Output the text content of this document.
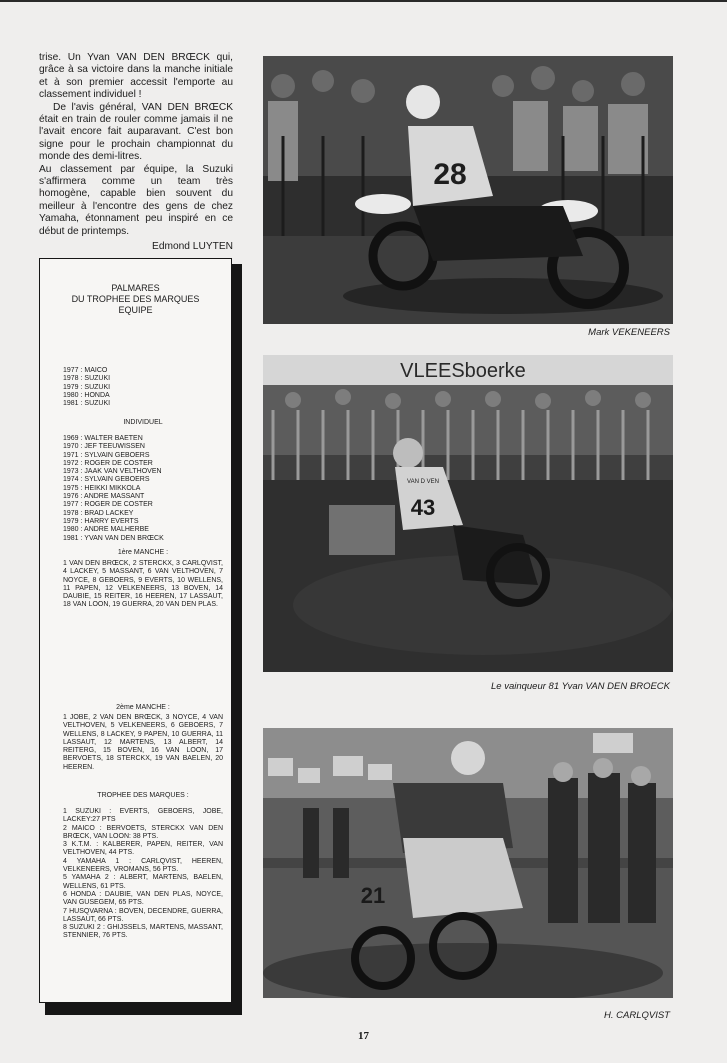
trise. Un Yvan VAN DEN BRŒCK qui, grâce à sa victoire dans la manche initiale et à son premier accessit l'emporte au classement individuel !

De l'avis général, VAN DEN BRŒCK était en train de rouler comme jamais il ne l'avait encore fait auparavant. C'est bon signe pour le prochain championnat du monde des demi-litres.

Au classement par équipe, la Suzuki s'affirmera comme un team très homogène, capable bien souvent du meilleur à l'encontre des gens de chez Yamaha, étonnament peu inspiré en ce début de printemps.

Edmond LUYTEN

PALMARES
DU TROPHEE DES MARQUES
EQUIPE
1977 : MAICO
1978 : SUZUKI
1979 : SUZUKI
1980 : HONDA
1981 : SUZUKI
INDIVIDUEL
1969 : WALTER BAETEN
1970 : JEF TEEUWISSEN
1971 : SYLVAIN GEBOERS
1972 : ROGER DE COSTER
1973 : JAAK VAN VELTHOVEN
1974 : SYLVAIN GEBOERS
1975 : HEIKKI MIKKOLA
1976 : ANDRE MASSANT
1977 : ROGER DE COSTER
1978 : BRAD LACKEY
1979 : HARRY EVERTS
1980 : ANDRE MALHERBE
1981 : YVAN VAN DEN BRŒCK
1ère MANCHE :
1 VAN DEN BRŒCK, 2 STERCKX, 3 CARLQVIST, 4 LACKEY, 5 MASSANT, 6 VAN VELTHOVEN, 7 NOYCE, 8 GEBOERS, 9 EVERTS, 10 WELLENS, 11 PAPEN, 12 VELKENEERS, 13 BOVEN, 14 DAUBIE, 15 REITER, 16 HEEREN, 17 LASSAUT, 18 VAN LOON, 19 GUERRA, 20 VAN DEN PLAS.
2ème MANCHE :
1 JOBE, 2 VAN DEN BRŒCK, 3 NOYCE, 4 VAN VELTHOVEN, 5 VELKENEERS, 6 GEBOERS, 7 WELLENS, 8 LACKEY, 9 PAPEN, 10 GUERRA, 11 LASSAUT, 12 MARTENS, 13 ALBERT, 14 REITERG, 15 BOVEN, 16 VAN LOON, 17 BERVOETS, 18 STERCKX, 19 VAN BAELEN, 20 HEEREN.
TROPHEE DES MARQUES :
1 SUZUKI : EVERTS, GEBOERS, JOBE, LACKEY:27 PTS
2 MAICO : BERVOETS, STERCKX VAN DEN BRŒCK, VAN LOON: 38 PTS.
3 K.T.M. : KALBERER, PAPEN, REITER, VAN VELTHOVEN, 44 PTS.
4 YAMAHA 1 : CARLQVIST, HEEREN, VELKENEERS, VROMANS, 56 PTS.
5 YAMAHA 2 : ALBERT, MARTENS, BAELEN, WELLENS, 61 PTS.
6 HONDA : DAUBIE, VAN DEN PLAS, NOYCE, VAN GUSEGEM, 65 PTS.
7 HUSQVARNA : BOVEN, DECENDRE, GUERRA, LASSAUT, 66 PTS.
8 SUZUKI 2 : GHIJSSELS, MARTENS, MASSANT, STENNIER, 76 PTS.
28
Mark VEKENEERS
VLEESboerke
43
VAN D VEN
Le vainqueur 81 Yvan VAN DEN BROECK
21
H. CARLQVIST
17
